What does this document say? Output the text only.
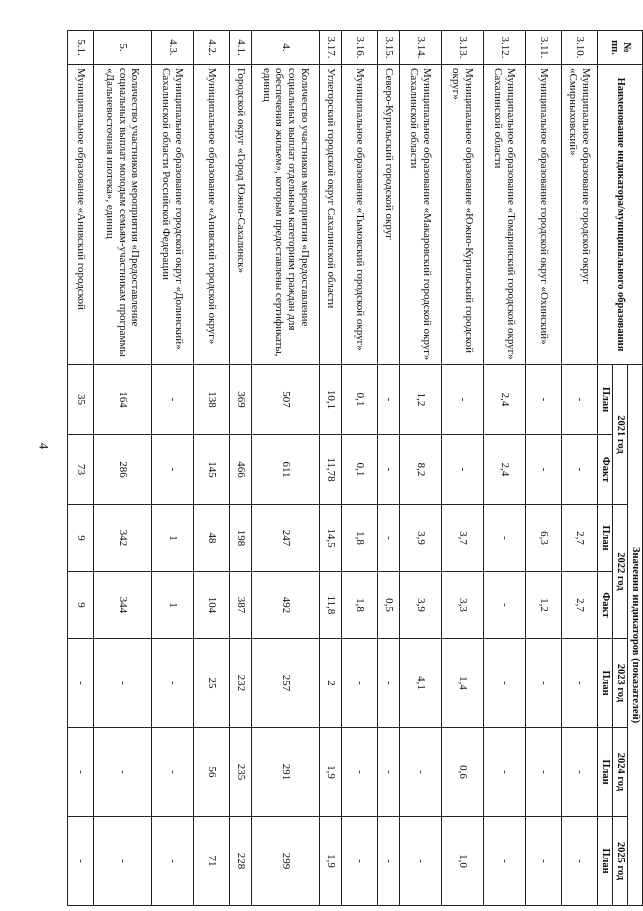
4
№ пп.	Наименование индикатора/муниципального образования	Значения индикаторов (показателей)						
		2021 год		2022 год		2023 год	2024 год	2025 год
		План	Факт	План	Факт	План	План	План
3.10.	Муниципальное образование городской округ «Смирныховский»	-	-	2,7	2,7	-	-	-
3.11.	Муниципальное образование городской округ «Охинский»	-	-	6,3	1,2	-	-	-
3.12.	Муниципальное образование «Томаринский городской округ» Сахалинской области	2,4	2,4	-	-	-	-	-
3.13.	Муниципальное образование «Южно-Курильский городской округ»	-	-	3,7	3,3	1,4	0,6	1,0
3.14.	Муниципальное образование «Макаровский городской округ» Сахалинской области	1,2	8,2	3,9	3,9	4,1	-	-
3.15.	Северо-Курильский городской округ	-	-	-	0,5	-	-	-
3.16.	Муниципальное образование «Тымовский городской округ»	0,1	0,1	1,8	1,8	-	-	-
3.17.	Углегорский городской округ Сахалинской области	10,1	11,78	14,5	11,8	2	1,9	1,9
4.	Количество участников мероприятия «Предоставление социальных выплат отдельным категориям граждан для обеспечения жильем», которым предоставлены сертификаты, единиц	507	611	247	492	257	291	299
4.1.	Городской округ «Город Южно-Сахалинск»	369	466	198	387	232	235	228
4.2.	Муниципальное образование «Анивский городской округ»	138	145	48	104	25	56	71
4.3.	Муниципальное образование городской округ «Долинский» Сахалинской области Российской Федерации	-	-	1	1	-	-	-
5.	Количество участников мероприятия «Предоставление социальных выплат молодым семьям-участникам программы «Дальневосточная ипотека», единиц	164	286	342	344	-	-	-
5.1.	Муниципальное образование «Анивский городской	35	73	9	9	-	-	-
